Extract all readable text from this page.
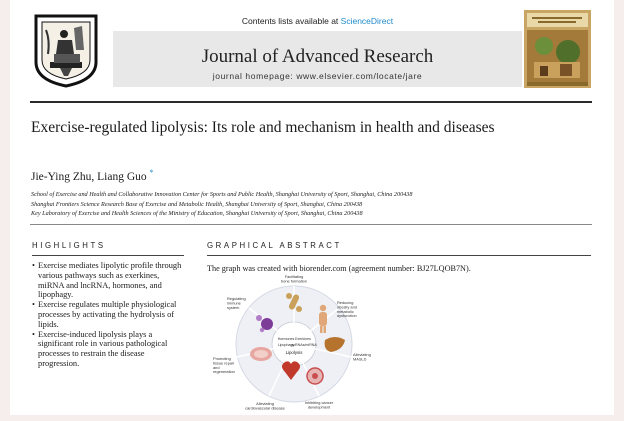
Contents lists available at ScienceDirect
Journal of Advanced Research
journal homepage: www.elsevier.com/locate/jare
Exercise-regulated lipolysis: Its role and mechanism in health and diseases
Jie-Ying Zhu, Liang Guo *
School of Exercise and Health and Collaborative Innovation Center for Sports and Public Health, Shanghai University of Sport, Shanghai, China 200438
Shanghai Frontiers Science Research Base of Exercise and Metabolic Health, Shanghai University of Sport, Shanghai, China 200438
Key Laboratory of Exercise and Health Sciences of the Ministry of Education, Shanghai University of Sport, Shanghai, China 200438
HIGHLIGHTS
• Exercise mediates lipolytic profile through various pathways such as exerkines, miRNA and lncRNA, hormones, and lipophagy.
• Exercise regulates multiple physiological processes by activating the hydrolysis of lipids.
• Exercise-induced lipolysis plays a significant role in various pathological processes to restrain the disease progression.
GRAPHICAL ABSTRACT
The graph was created with biorender.com (agreement number: BJ27LQOB7N).
Hormones Exerkines
Lipophagy
ncRNAs/miRNA
Lipolysis
Facilitating bone formation
Reducing obesity and metabolic dysfunction
Alleviating MASLD
Inhibiting cancer development
Alleviating cardiovascular disease
Promoting tissue repair and regeneration
Regulating immune system
